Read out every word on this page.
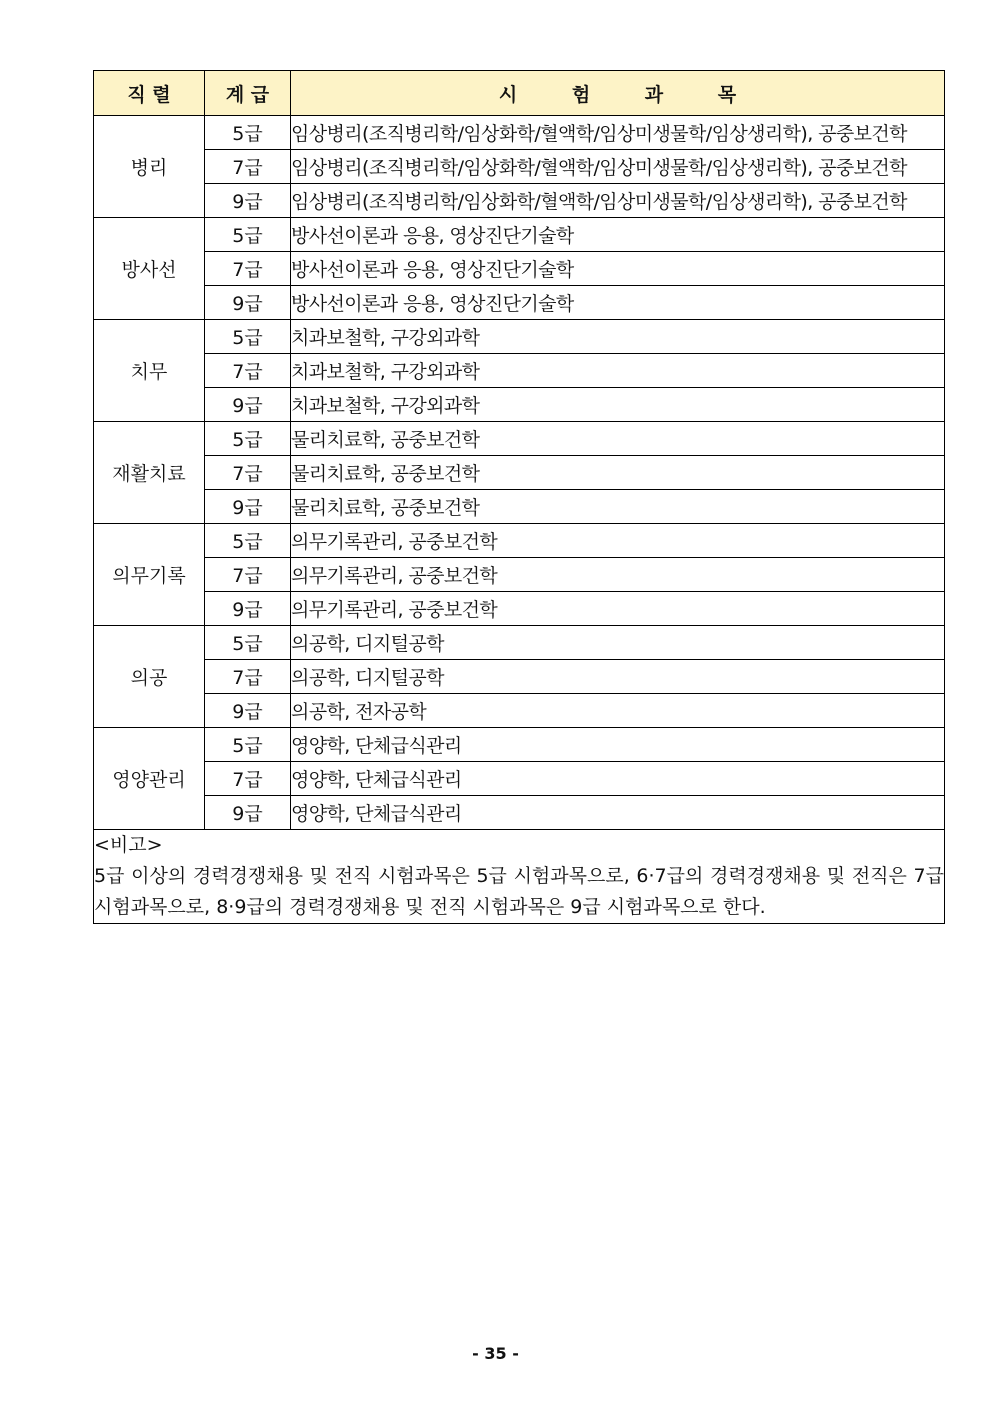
직 렬	계 급	시 험 과 목
병리	5급	임상병리(조직병리학/임상화학/혈액학/임상미생물학/임상생리학), 공중보건학
	7급	임상병리(조직병리학/임상화학/혈액학/임상미생물학/임상생리학), 공중보건학
	9급	임상병리(조직병리학/임상화학/혈액학/임상미생물학/임상생리학), 공중보건학
방사선	5급	방사선이론과 응용, 영상진단기술학
	7급	방사선이론과 응용, 영상진단기술학
	9급	방사선이론과 응용, 영상진단기술학
치무	5급	치과보철학, 구강외과학
	7급	치과보철학, 구강외과학
	9급	치과보철학, 구강외과학
재활치료	5급	물리치료학, 공중보건학
	7급	물리치료학, 공중보건학
	9급	물리치료학, 공중보건학
의무기록	5급	의무기록관리, 공중보건학
	7급	의무기록관리, 공중보건학
	9급	의무기록관리, 공중보건학
의공	5급	의공학, 디지털공학
	7급	의공학, 디지털공학
	9급	의공학, 전자공학
영양관리	5급	영양학, 단체급식관리
	7급	영양학, 단체급식관리
	9급	영양학, 단체급식관리

<비고>
5급 이상의 경력경쟁채용 및 전직 시험과목은 5급 시험과목으로, 6·7급의 경력경쟁채용 및 전직은 7급 시험과목으로, 8·9급의 경력경쟁채용 및 전직 시험과목은 9급 시험과목으로 한다.		
- 35 -
